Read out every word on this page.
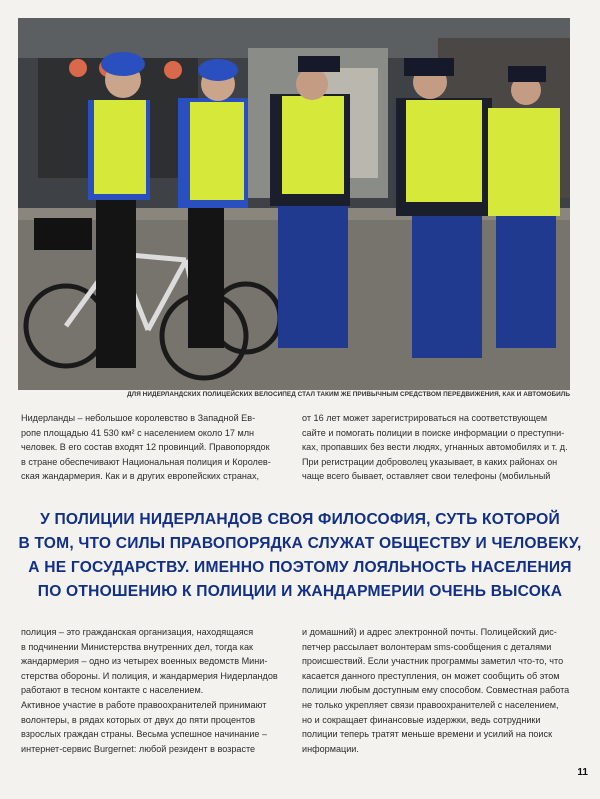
ДЛЯ НИДЕРЛАНДСКИХ ПОЛИЦЕЙСКИХ ВЕЛОСИПЕД СТАЛ ТАКИМ ЖЕ ПРИВЫЧНЫМ СРЕДСТВОМ ПЕРЕДВИЖЕНИЯ, КАК И АВТОМОБИЛЬ
Нидерланды – небольшое королевство в Западной Ев-
ропе площадью 41 530 км² с населением около 17 млн
человек. В его состав входят 12 провинций. Правопорядок
в стране обеспечивают Национальная полиция и Королев-
ская жандармерия. Как и в других европейских странах,
от 16 лет может зарегистрироваться на соответствующем
сайте и помогать полиции в поиске информации о преступни-
ках, пропавших без вести людях, угнанных автомобилях и т. д.
При регистрации доброволец указывает, в каких районах он
чаще всего бывает, оставляет свои телефоны (мобильный
У ПОЛИЦИИ НИДЕРЛАНДОВ СВОЯ ФИЛОСОФИЯ, СУТЬ КОТОРОЙ
В ТОМ, ЧТО СИЛЫ ПРАВОПОРЯДКА СЛУЖАТ ОБЩЕСТВУ И ЧЕЛОВЕКУ,
А НЕ ГОСУДАРСТВУ. ИМЕННО ПОЭТОМУ ЛОЯЛЬНОСТЬ НАСЕЛЕНИЯ
ПО ОТНОШЕНИЮ К ПОЛИЦИИ И ЖАНДАРМЕРИИ ОЧЕНЬ ВЫСОКА
полиция – это гражданская организация, находящаяся
в подчинении Министерства внутренних дел, тогда как
жандармерия – одно из четырех военных ведомств Мини-
стерства обороны. И полиция, и жандармерия Нидерландов
работают в тесном контакте с населением.
Активное участие в работе правоохранителей принимают
волонтеры, в рядах которых от двух до пяти процентов
взрослых граждан страны. Весьма успешное начинание –
интернет-сервис Burgernet: любой резидент в возрасте
и домашний) и адрес электронной почты. Полицейский дис-
петчер рассылает волонтерам sms-сообщения с деталями
происшествий. Если участник программы заметил что-то, что
касается данного преступления, он может сообщить об этом
полиции любым доступным ему способом. Совместная работа
не только укрепляет связи правоохранителей с населением,
но и сокращает финансовые издержки, ведь сотрудники
полиции теперь тратят меньше времени и усилий на поиск
информации.
11
